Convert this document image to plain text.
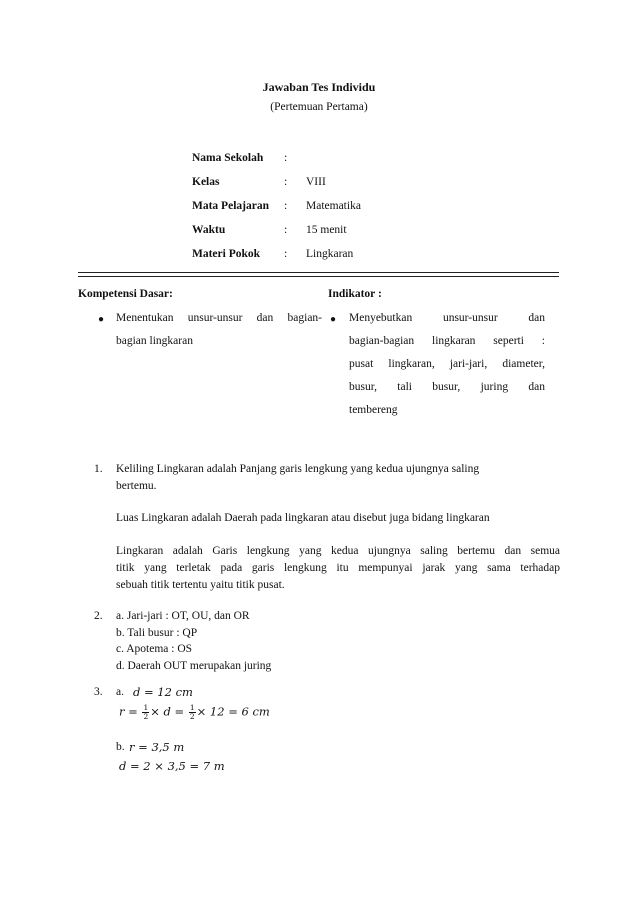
Jawaban Tes Individu
(Pertemuan Pertama)
Nama Sekolah :
Kelas	: VIII
Mata Pelajaran : Matematika
Waktu	: 15 menit
Materi Pokok : Lingkaran
Kompetensi Dasar:
● Menentukan unsur-unsur dan bagian-
bagian lingkaran
Indikator :
● Menyebutkan unsur-unsur dan
bagian-bagian lingkaran seperti :
pusat lingkaran, jari-jari, diameter,
busur, tali busur, juring dan
tembereng
1. Keliling Lingkaran adalah Panjang garis lengkung yang kedua ujungnya saling
bertemu.
Luas Lingkaran adalah Daerah pada lingkaran atau disebut juga bidang lingkaran
Lingkaran adalah Garis lengkung yang kedua ujungnya saling bertemu dan semua
titik yang terletak pada garis lengkung itu mempunyai jarak yang sama terhadap
sebuah titik tertentu yaitu titik pusat.
2. a. Jari-jari : OT, OU, dan OR
b. Tali busur : QP
c. Apotema : OS
d. Daerah OUT merupakan juring
3. a. d = 12 cm
$r = \frac{1}{2} \times d = \frac{1}{2} \times 12 = 6$ cm
b. r = 3,5 m
d = 2 × 3,5 = 7 m
